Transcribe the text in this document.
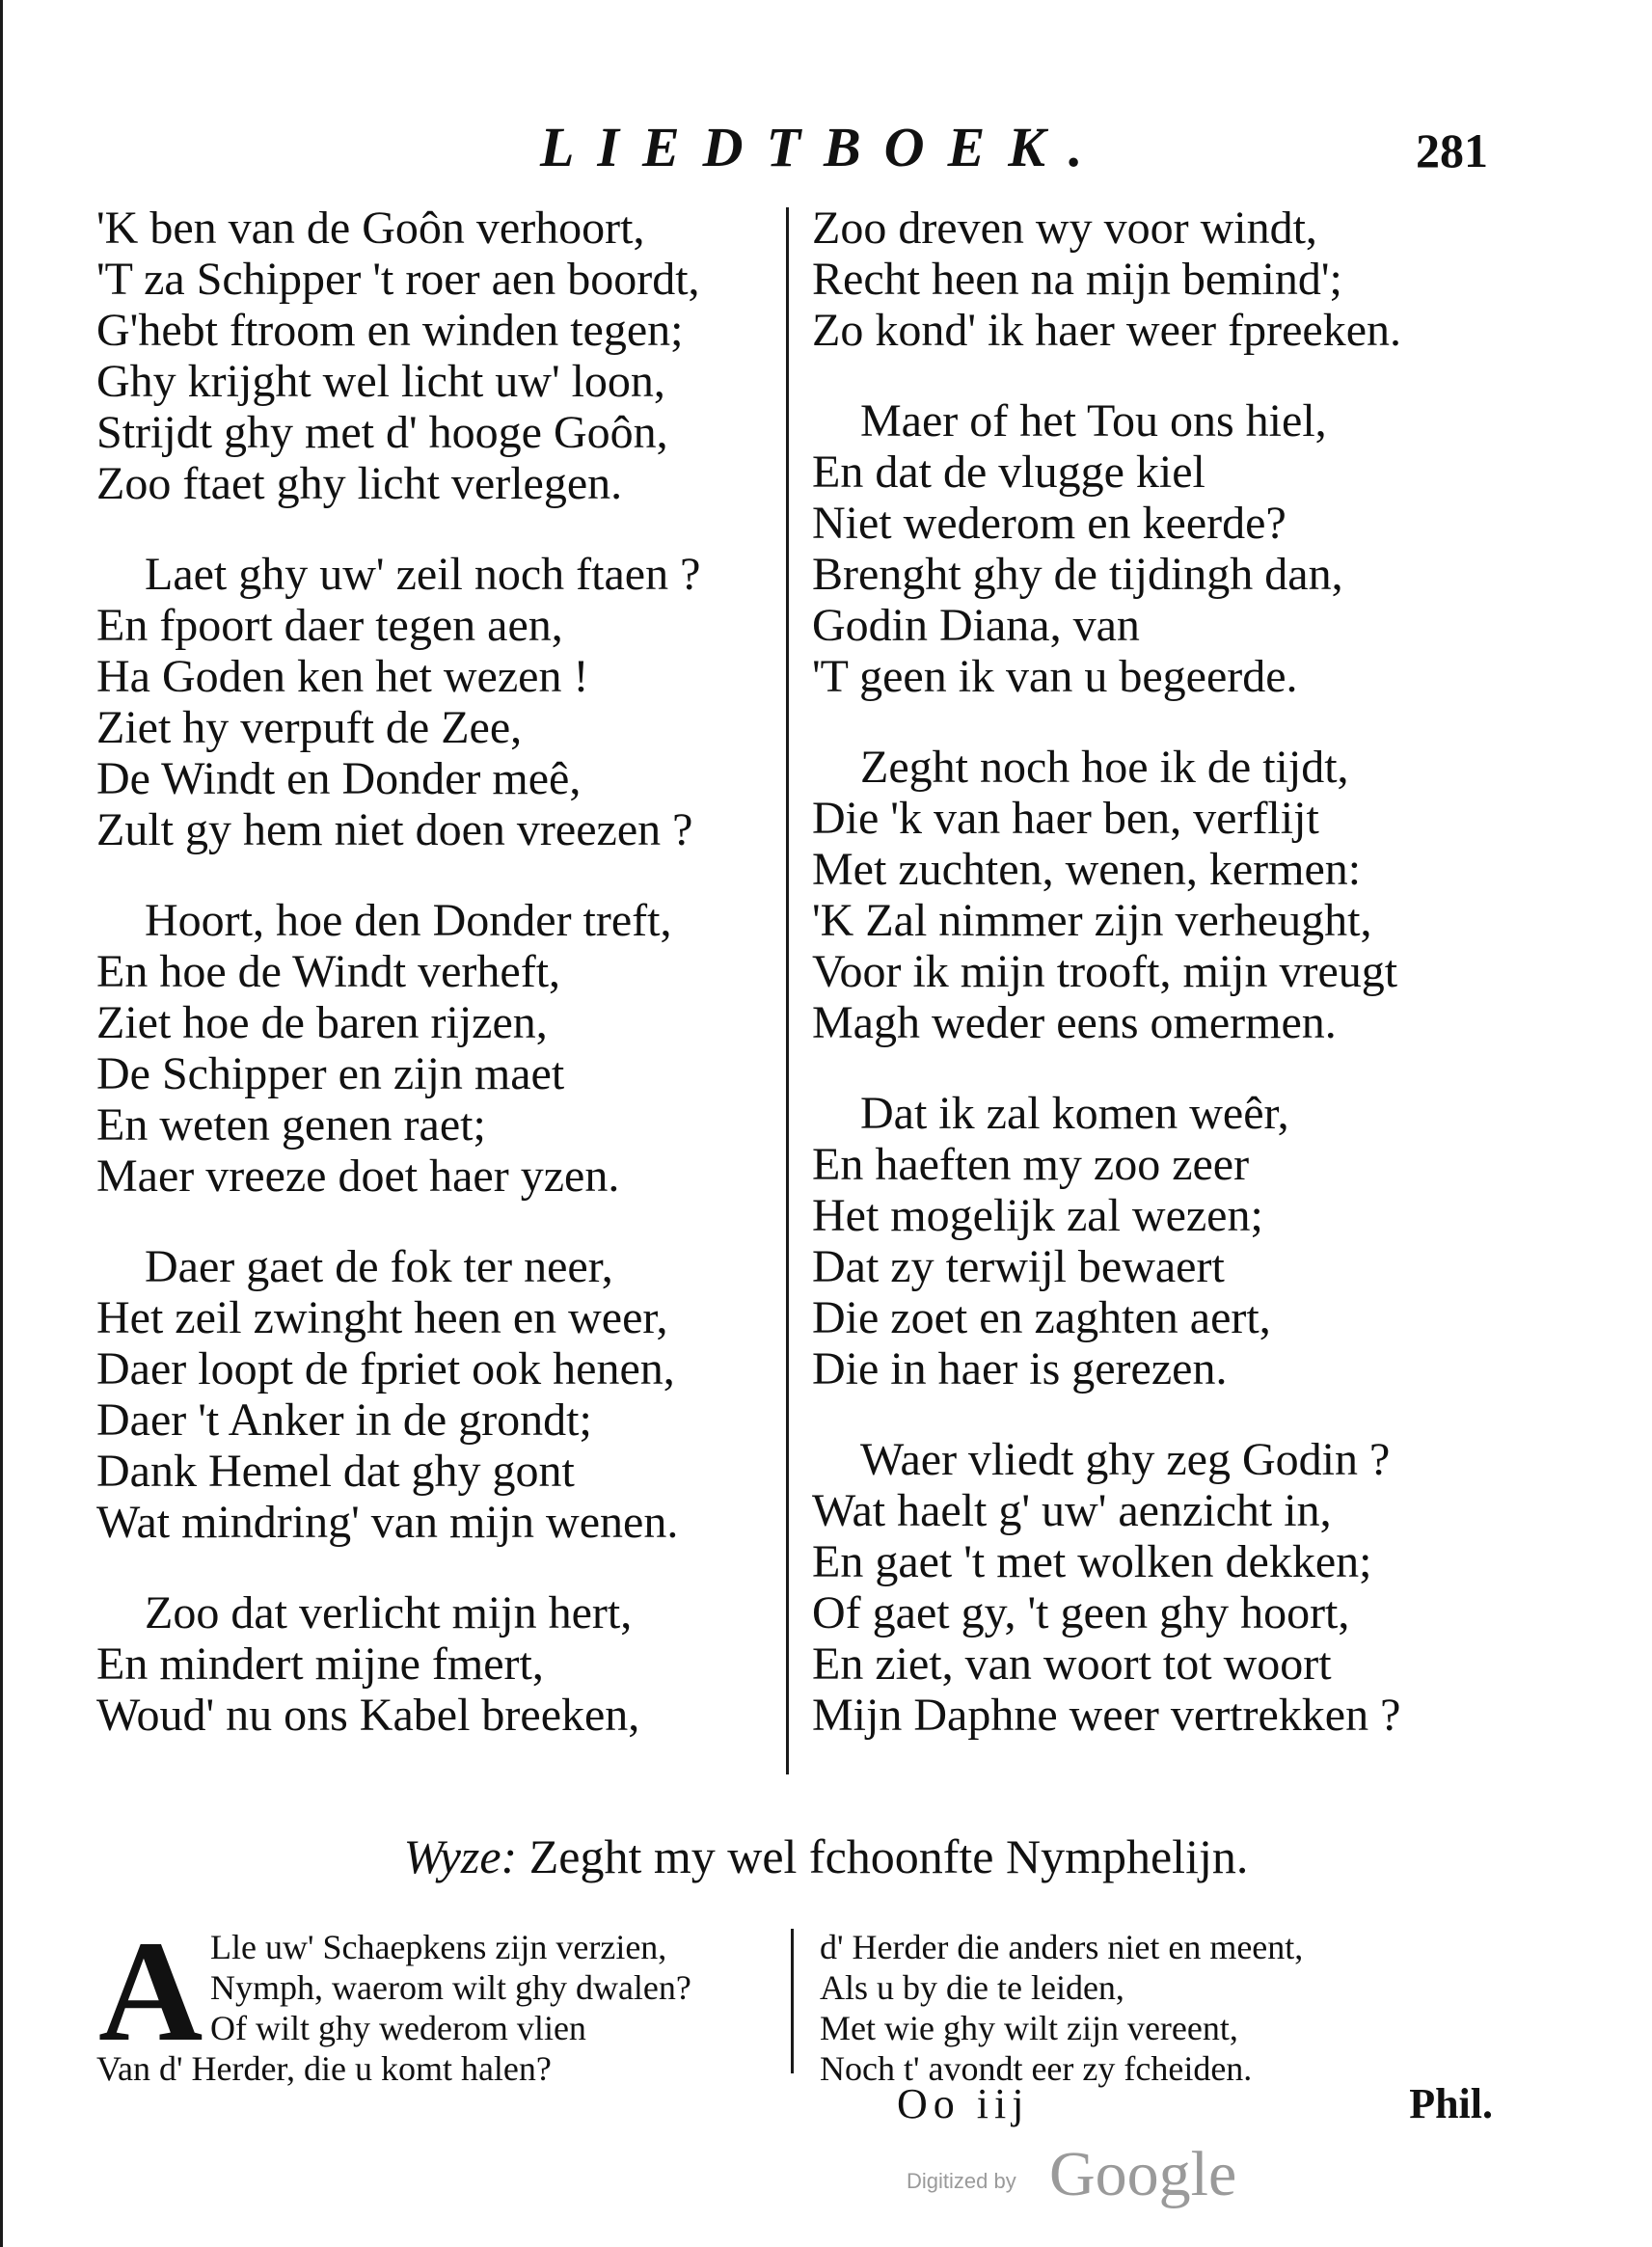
LIEDTBOEK.	281
'K ben van de Goôn verhoort,
'T za Schipper 't roer aen boordt,
G'hebt ftroom en winden tegen;
Ghy krijght wel licht uw' loon,
Strijdt ghy met d' hooge Goôn,
Zoo ftaet ghy licht verlegen.
Laet ghy uw' zeil noch ftaen ?
En fpoort daer tegen aen,
Ha Goden ken het wezen !
Ziet hy verpuft de Zee,
De Windt en Donder meê,
Zult gy hem niet doen vreezen ?
Hoort, hoe den Donder treft,
En hoe de Windt verheft,
Ziet hoe de baren rijzen,
De Schipper en zijn maet
En weten genen raet;
Maer vreeze doet haer yzen.
Daer gaet de fok ter neer,
Het zeil zwinght heen en weer,
Daer loopt de fpriet ook henen,
Daer 't Anker in de grondt;
Dank Hemel dat ghy gont
Wat mindring' van mijn wenen.
Zoo dat verlicht mijn hert,
En mindert mijne fmert,
Woud' nu ons Kabel breeken,
Zoo dreven wy voor windt,
Recht heen na mijn bemind';
Zo kond' ik haer weer fpreeken.
Maer of het Tou ons hiel,
En dat de vlugge kiel
Niet wederom en keerde?
Brenght ghy de tijdingh dan,
Godin Diana, van
'T geen ik van u begeerde.
Zeght noch hoe ik de tijdt,
Die 'k van haer ben, verflijt
Met zuchten, wenen, kermen:
'K Zal nimmer zijn verheught,
Voor ik mijn trooft, mijn vreugt
Magh weder eens omermen.
Dat ik zal komen weêr,
En haeften my zoo zeer
Het mogelijk zal wezen;
Dat zy terwijl bewaert
Die zoet en zaghten aert,
Die in haer is gerezen.
Waer vliedt ghy zeg Godin ?
Wat haelt g' uw' aenzicht in,
En gaet 't met wolken dekken;
Of gaet gy, 't geen ghy hoort,
En ziet, van woort tot woort
Mijn Daphne weer vertrekken ?
Wyze: Zeght my wel fchoonfte Nymphelijn.
A Lle uw' Schaepkens zijn verzien,
Nymph, waerom wilt ghy dwalen?
Of wilt ghy wederom vlien
Van d' Herder, die u komt halen?
d' Herder die anders niet en meent,
Als u by die te leiden,
Met wie ghy wilt zijn vereent,
Noch t' avondt eer zy fcheiden.
Oo iij	Phil.
Digitized by Google
